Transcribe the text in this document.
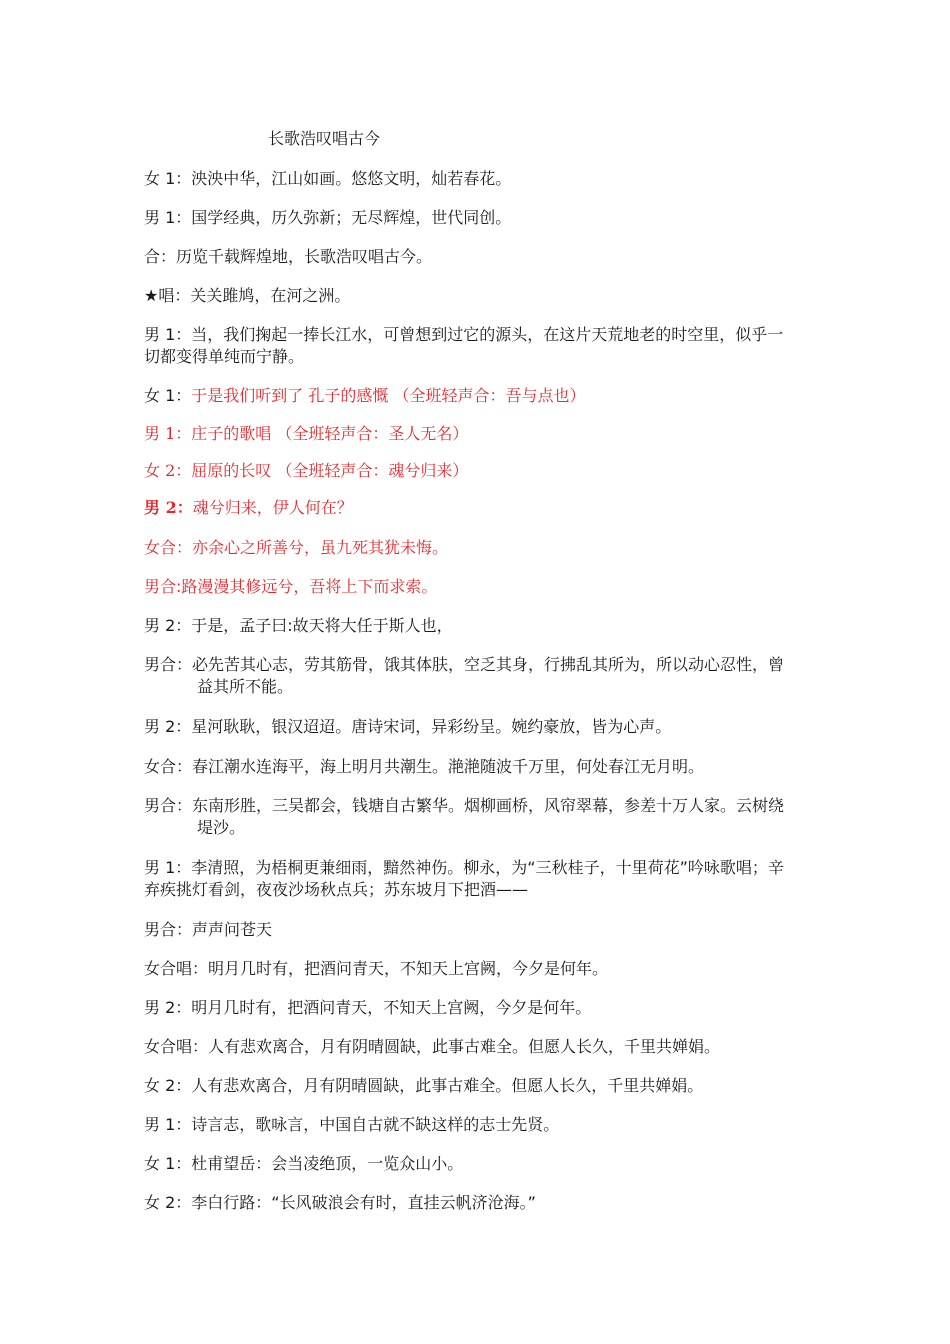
长歌浩叹唱古今
女 1：泱泱中华，江山如画。悠悠文明，灿若春花。
男 1：国学经典，历久弥新；无尽辉煌，世代同创。
合：历览千载辉煌地，长歌浩叹唱古今。
★唱：关关雎鸠，在河之洲。
男 1：当，我们掬起一捧长江水，可曾想到过它的源头，在这片天荒地老的时空里，似乎一切都变得单纯而宁静。
女 1：于是我们听到了 孔子的感慨 （全班轻声合：吾与点也）
男 1：庄子的歌唱 （全班轻声合：圣人无名）
女 2：屈原的长叹 （全班轻声合：魂兮归来）
男 2：魂兮归来，伊人何在？
女合：亦余心之所善兮，虽九死其犹未悔。
男合:路漫漫其修远兮，吾将上下而求索。
男 2：于是，孟子曰:故天将大任于斯人也，
男合：必先苦其心志，劳其筋骨，饿其体肤，空乏其身，行拂乱其所为，所以动心忍性，曾益其所不能。
男 2：星河耿耿，银汉迢迢。唐诗宋词，异彩纷呈。婉约豪放，皆为心声。
女合：春江潮水连海平，海上明月共潮生。滟滟随波千万里，何处春江无月明。
男合：东南形胜，三吴都会，钱塘自古繁华。烟柳画桥，风帘翠幕，参差十万人家。云树绕堤沙。
男 1：李清照，为梧桐更兼细雨，黯然神伤。柳永，为“三秋桂子，十里荷花”吟咏歌唱；辛弃疾挑灯看剑，夜夜沙场秋点兵；苏东坡月下把酒——
男合：声声问苍天
女合唱：明月几时有，把酒问青天，不知天上宫阙，今夕是何年。
男 2：明月几时有，把酒问青天，不知天上宫阙，今夕是何年。
女合唱：人有悲欢离合，月有阴晴圆缺，此事古难全。但愿人长久，千里共婵娟。
女 2：人有悲欢离合，月有阴晴圆缺，此事古难全。但愿人长久，千里共婵娟。
男 1：诗言志，歌咏言，中国自古就不缺这样的志士先贤。
女 1：杜甫望岳：会当凌绝顶，一览众山小。
女 2：李白行路：“长风破浪会有时，直挂云帆济沧海。”
